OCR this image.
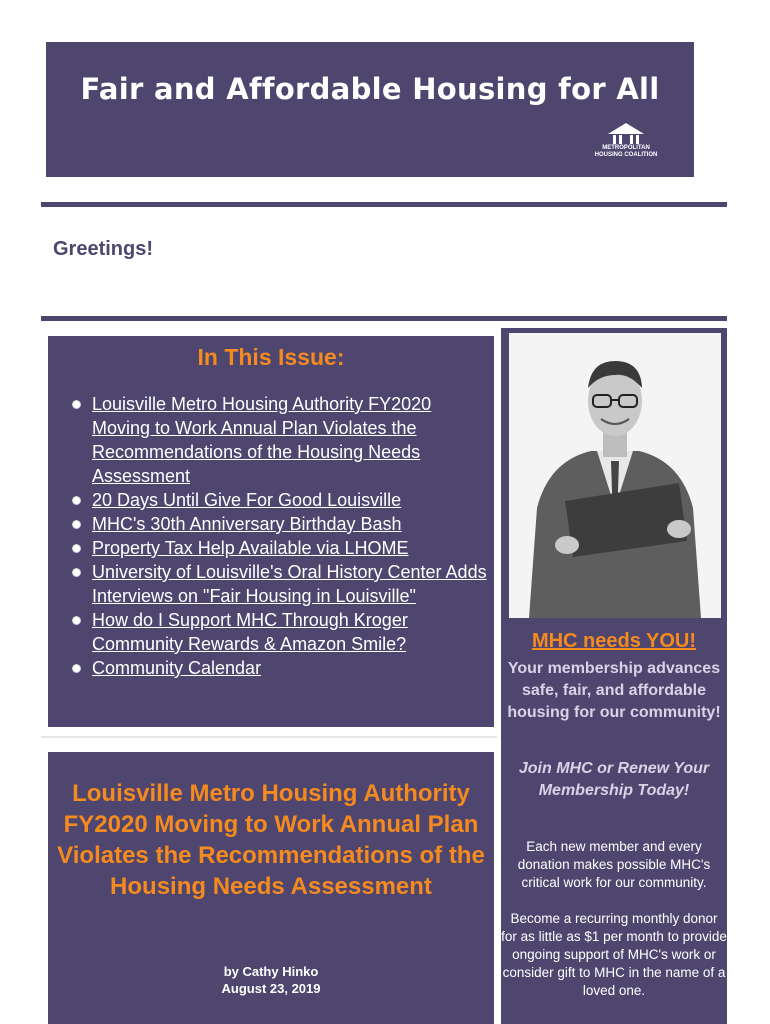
Fair and Affordable Housing for All
METROPOLITAN
HOUSING COALITION
Greetings!
In This Issue:
Louisville Metro Housing Authority FY2020 Moving to Work Annual Plan Violates the Recommendations of the Housing Needs Assessment
20 Days Until Give For Good Louisville
MHC's 30th Anniversary Birthday Bash
Property Tax Help Available via LHOME
University of Louisville's Oral History Center Adds Interviews on "Fair Housing in Louisville"
How do I Support MHC Through Kroger Community Rewards & Amazon Smile?
Community Calendar
Louisville Metro Housing Authority FY2020 Moving to Work Annual Plan Violates the Recommendations of the Housing Needs Assessment
by Cathy Hinko
August 23, 2019
MHC needs YOU!
Your membership advances safe, fair, and affordable housing for our community!
Join MHC or Renew Your Membership Today!
Each new member and every donation makes possible MHC's critical work for our community.
Become a recurring monthly donor for as little as $1 per month to provide ongoing support of MHC's work or consider gift to MHC in the name of a loved one.
